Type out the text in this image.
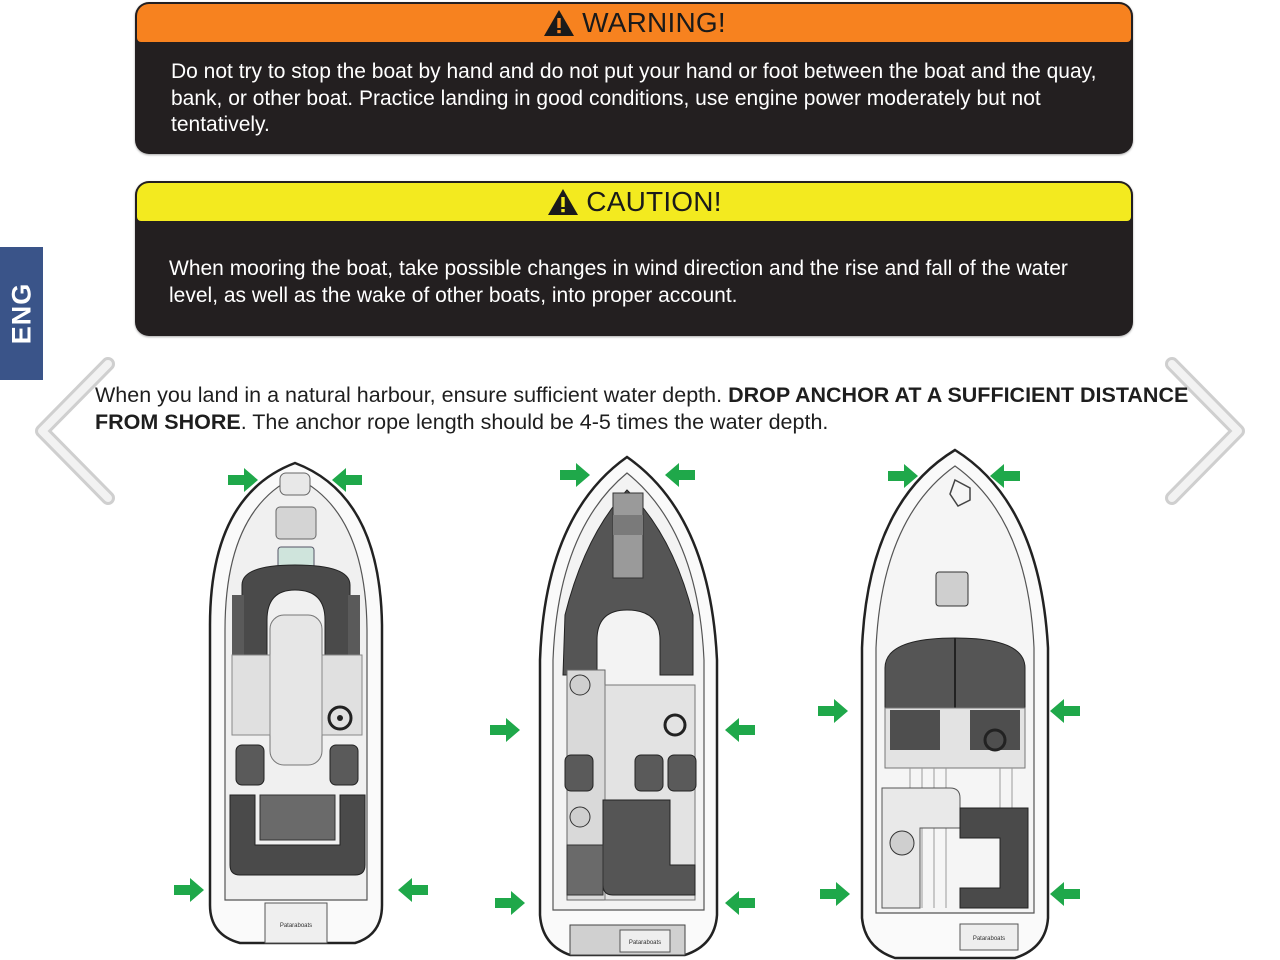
WARNING!
Do not try to stop the boat by hand and do not put your hand or foot between the boat and the quay, bank, or other boat. Practice landing in good conditions, use engine power moderately but not tentatively.
CAUTION!
When mooring the boat, take possible changes in wind direction and the rise and fall of the water level, as well as the wake of other boats, into proper account.
ENG
When you land in a natural harbour, ensure sufficient water depth. DROP ANCHOR AT A SUFFICIENT DISTANCE FROM SHORE. The anchor rope length should be 4-5 times the water depth.
Pataraboats
Pataraboats
Pataraboats
